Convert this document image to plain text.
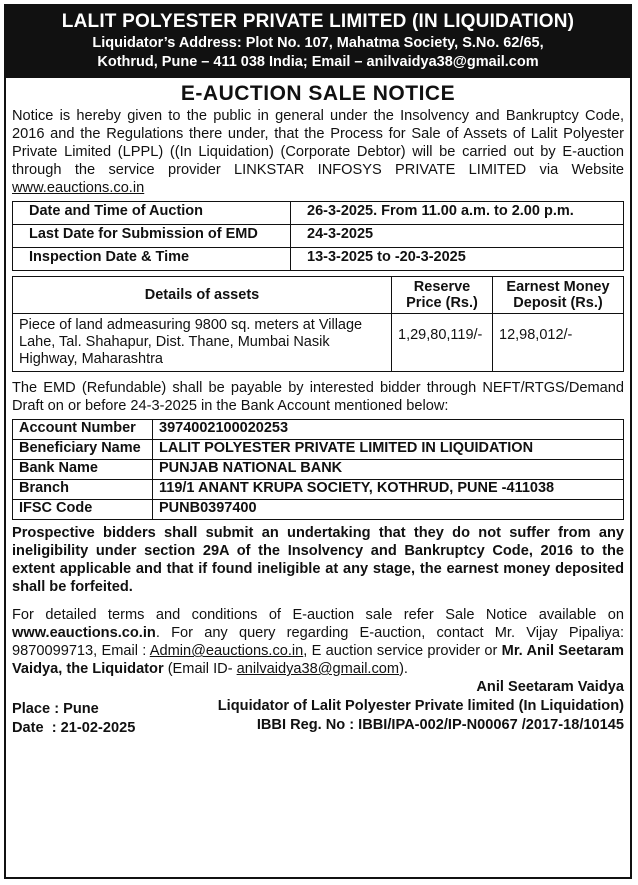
LALIT POLYESTER PRIVATE LIMITED (IN LIQUIDATION)
Liquidator’s Address: Plot No. 107, Mahatma Society, S.No. 62/65,
Kothrud, Pune – 411 038 India; Email – anilvaidya38@gmail.com
E-AUCTION SALE NOTICE

Notice is hereby given to the public in general under the Insolvency and Bankruptcy Code, 2016 and the Regulations there under, that the Process for Sale of Assets of Lalit Polyester Private Limited (LPPL) ((In Liquidation) (Corporate Debtor) will be carried out by E-auction through the service provider LINKSTAR INFOSYS PRIVATE LIMITED via Website www.eauctions.co.in

Date and Time of Auction	26-3-2025. From 11.00 a.m. to 2.00 p.m.
Last Date for Submission of EMD	24-3-2025
Inspection Date & Time	13-3-2025 to -20-3-2025
Details of assets	Reserve Price (Rs.)	Earnest Money Deposit (Rs.)
Piece of land admeasuring 9800 sq. meters at Village Lahe, Tal. Shahapur, Dist. Thane, Mumbai Nasik Highway, Maharashtra	1,29,80,119/-	12,98,012/-

The EMD (Refundable) shall be payable by interested bidder through NEFT/RTGS/Demand Draft on or before 24-3-2025 in the Bank Account mentioned below:

Account Number	3974002100020253
Beneficiary Name	LALIT POLYESTER PRIVATE LIMITED IN LIQUIDATION
Bank Name	PUNJAB NATIONAL BANK
Branch	119/1 ANANT KRUPA SOCIETY, KOTHRUD, PUNE -411038
IFSC Code	PUNB0397400

Prospective bidders shall submit an undertaking that they do not suffer from any ineligibility under section 29A of the Insolvency and Bankruptcy Code, 2016 to the extent applicable and that if found ineligible at any stage, the earnest money deposited shall be forfeited.

For detailed terms and conditions of E-auction sale refer Sale Notice available on www.eauctions.co.in. For any query regarding E-auction, contact Mr. Vijay Pipaliya: 9870099713, Email : Admin@eauctions.co.in, E auction service provider or Mr. Anil Seetaram Vaidya, the Liquidator (Email ID- anilvaidya38@gmail.com).

Anil Seetaram Vaidya
Liquidator of Lalit Polyester Private limited (In Liquidation)
IBBI Reg. No : IBBI/IPA-002/IP-N00067 /2017-18/10145
Place : Pune
Date  : 21-02-2025
